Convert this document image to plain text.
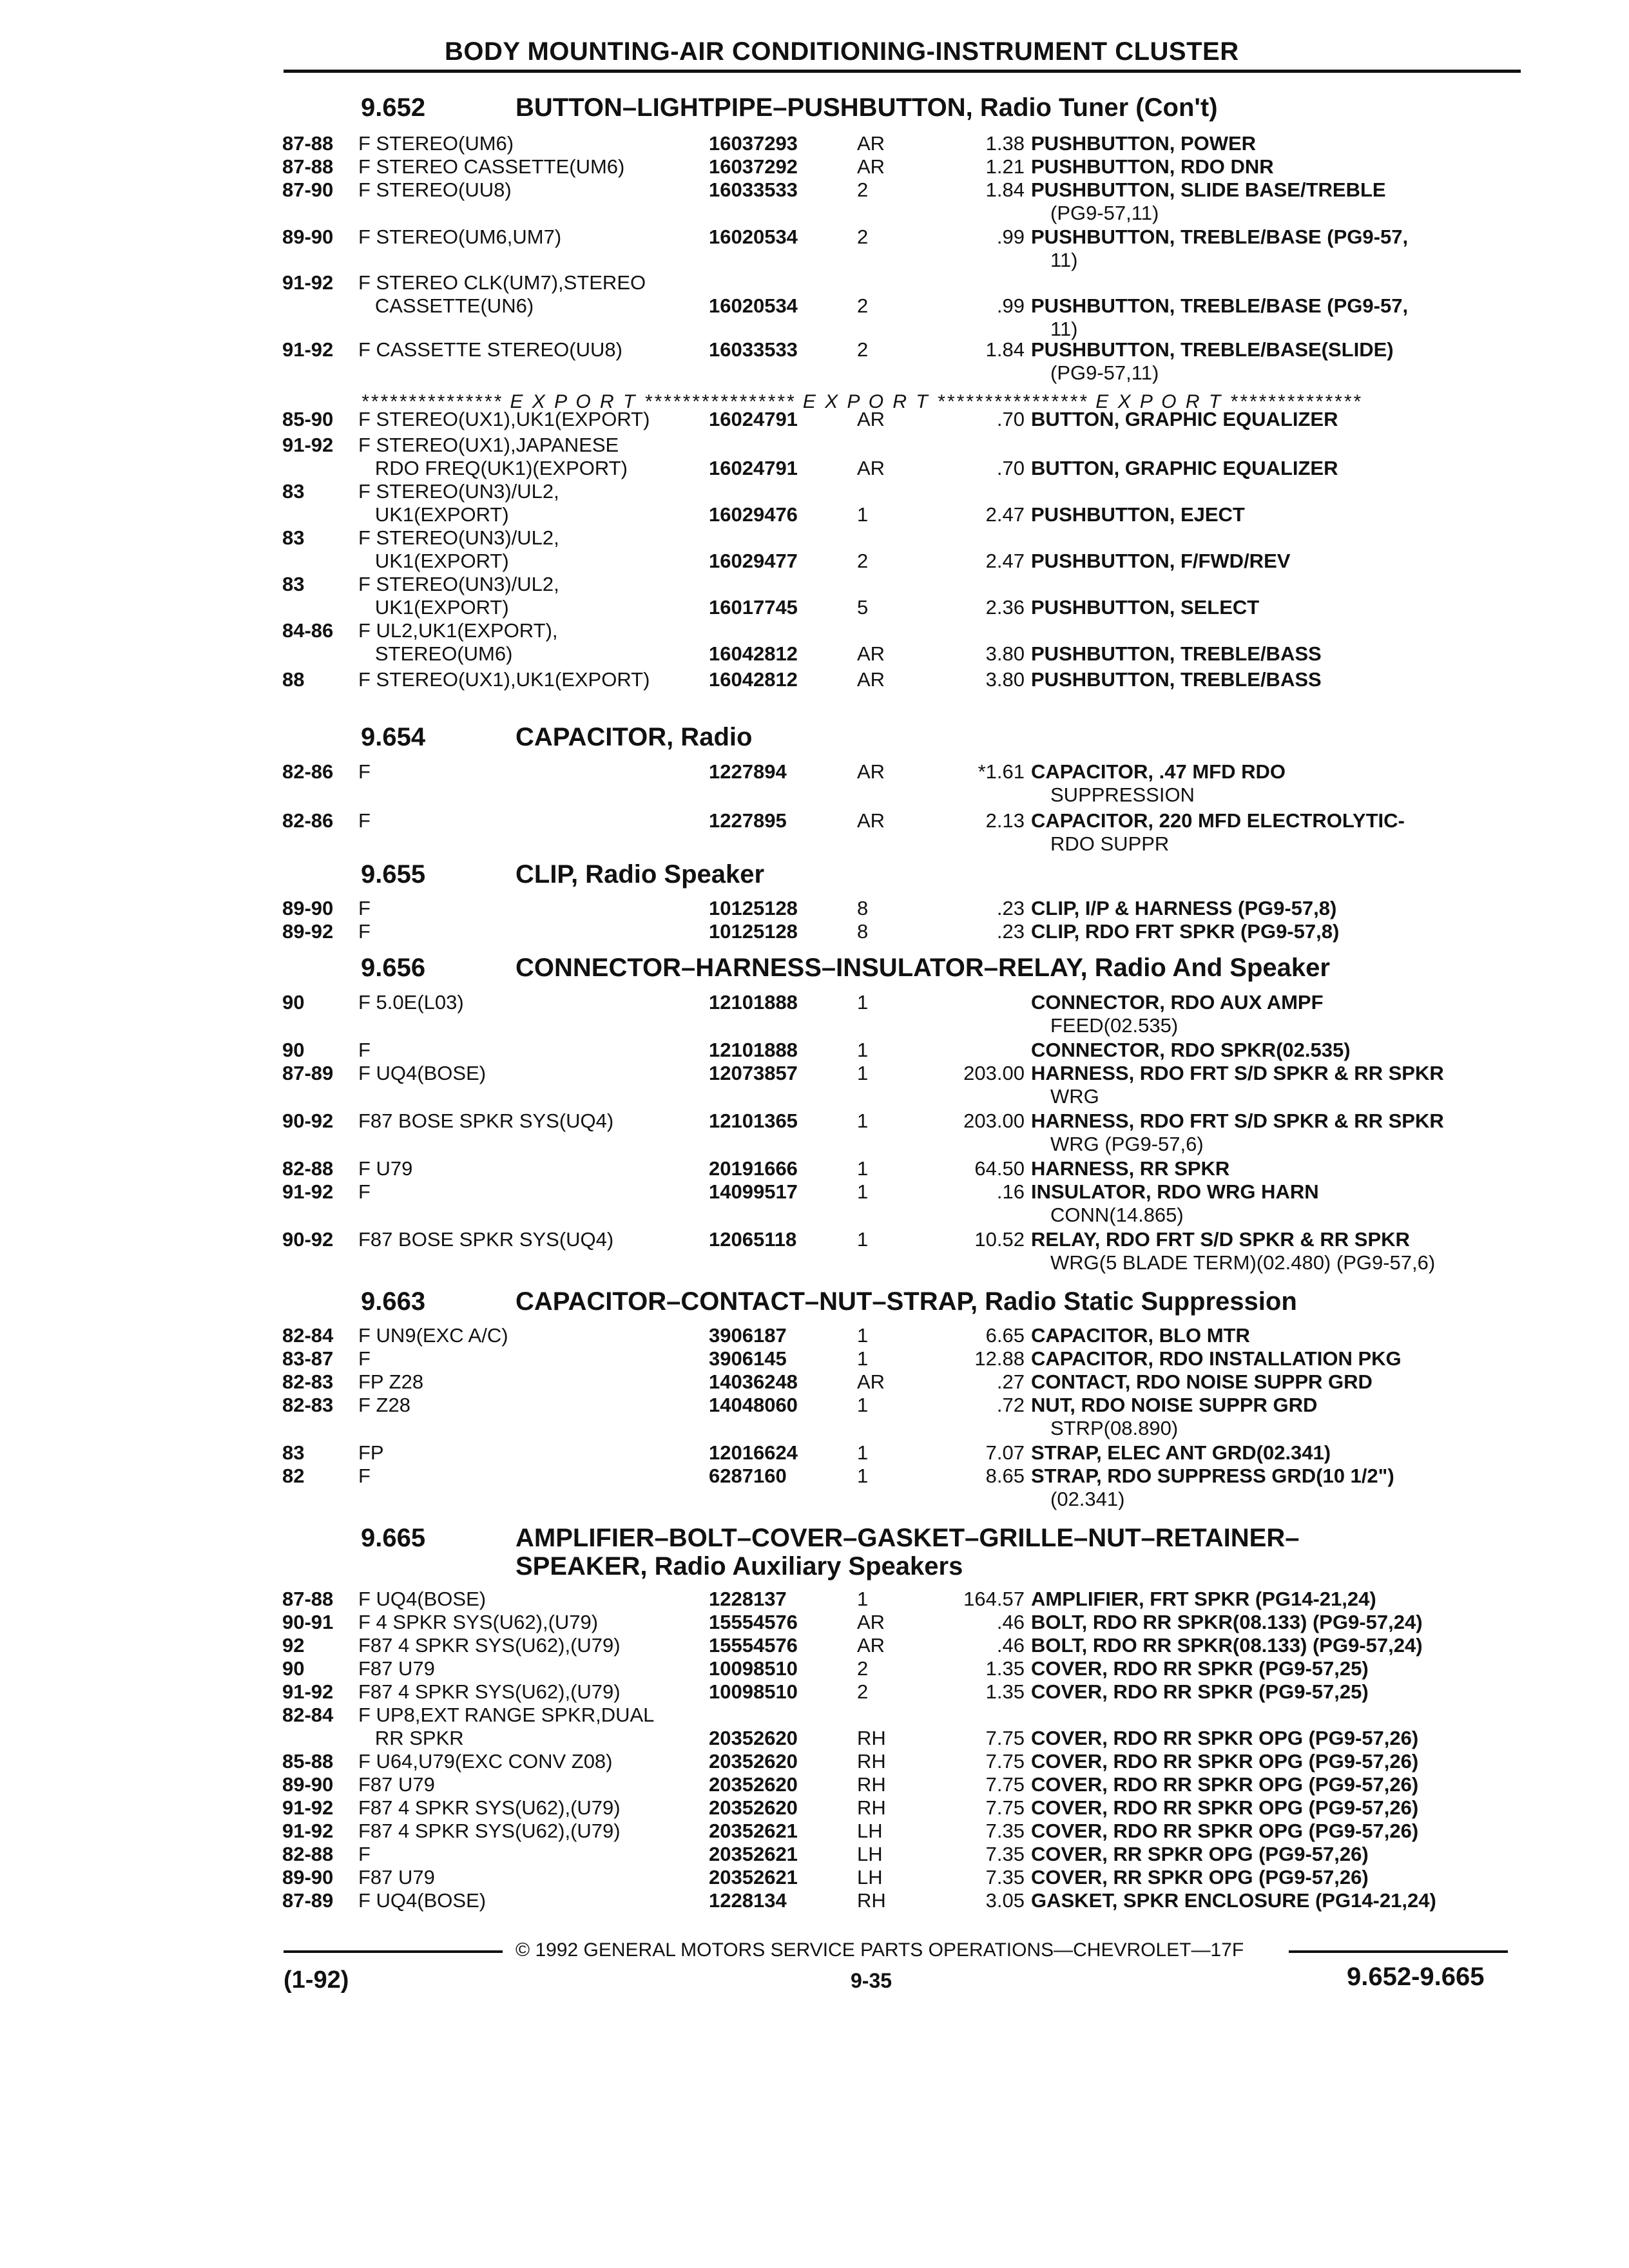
BODY MOUNTING-AIR CONDITIONING-INSTRUMENT CLUSTER
*************** E X P O R T **************** E X P O R T **************** E X P O R T **************
9.652	BUTTON–LIGHTPIPE–PUSHBUTTON, Radio Tuner (Con't)
87-88 F STEREO(UM6)	16037293	AR	1.38 PUSHBUTTON, POWER
87-88 F STEREO CASSETTE(UM6)	16037292	AR	1.21 PUSHBUTTON, RDO DNR
87-90 F STEREO(UU8)	16033533	2	1.84 PUSHBUTTON, SLIDE BASE/TREBLE
(PG9-57,11)
89-90 F STEREO(UM6,UM7)	16020534	2	.99 PUSHBUTTON, TREBLE/BASE (PG9-57,
11)
91-92 F STEREO CLK(UM7),STEREO
CASSETTE(UN6)	16020534	2	.99 PUSHBUTTON, TREBLE/BASE (PG9-57,
11)
91-92 F CASSETTE STEREO(UU8)	16033533	2	1.84 PUSHBUTTON, TREBLE/BASE(SLIDE)
(PG9-57,11)
85-90 F STEREO(UX1),UK1(EXPORT)	16024791	AR	.70 BUTTON, GRAPHIC EQUALIZER
91-92 F STEREO(UX1),JAPANESE
RDO FREQ(UK1)(EXPORT)	16024791	AR	.70 BUTTON, GRAPHIC EQUALIZER
83	F STEREO(UN3)/UL2,
UK1(EXPORT)	16029476	1	2.47 PUSHBUTTON, EJECT
83	F STEREO(UN3)/UL2,
UK1(EXPORT)	16029477	2	2.47 PUSHBUTTON, F/FWD/REV
83	F STEREO(UN3)/UL2,
UK1(EXPORT)	16017745	5	2.36 PUSHBUTTON, SELECT
84-86 F UL2,UK1(EXPORT),
STEREO(UM6)	16042812	AR	3.80 PUSHBUTTON, TREBLE/BASS
88	F STEREO(UX1),UK1(EXPORT)	16042812	AR	3.80 PUSHBUTTON, TREBLE/BASS
9.654	CAPACITOR, Radio
82-86 F	1227894	AR	*1.61 CAPACITOR, .47 MFD RDO
SUPPRESSION
82-86 F	1227895	AR	2.13 CAPACITOR, 220 MFD ELECTROLYTIC-
RDO SUPPR
9.655	CLIP, Radio Speaker
89-90 F	10125128	8	.23 CLIP, I/P & HARNESS (PG9-57,8)
89-92 F	10125128	8	.23 CLIP, RDO FRT SPKR (PG9-57,8)
9.656	CONNECTOR–HARNESS–INSULATOR–RELAY, Radio And Speaker
90	F 5.0E(L03)	12101888	1	CONNECTOR, RDO AUX AMPF
FEED(02.535)
90	F	12101888	1	CONNECTOR, RDO SPKR(02.535)
87-89 F UQ4(BOSE)	12073857	1	203.00 HARNESS, RDO FRT S/D SPKR & RR SPKR
WRG
90-92 F87 BOSE SPKR SYS(UQ4)	12101365	1	203.00 HARNESS, RDO FRT S/D SPKR & RR SPKR
WRG (PG9-57,6)
82-88 F U79	20191666	1	64.50 HARNESS, RR SPKR
91-92 F	14099517	1	.16 INSULATOR, RDO WRG HARN
CONN(14.865)
90-92 F87 BOSE SPKR SYS(UQ4)	12065118	1	10.52 RELAY, RDO FRT S/D SPKR & RR SPKR
WRG(5 BLADE TERM)(02.480) (PG9-57,6)
9.663	CAPACITOR–CONTACT–NUT–STRAP, Radio Static Suppression
82-84 F UN9(EXC A/C)	3906187	1	6.65 CAPACITOR, BLO MTR
83-87 F	3906145	1	12.88 CAPACITOR, RDO INSTALLATION PKG
82-83 FP Z28	14036248	AR	.27 CONTACT, RDO NOISE SUPPR GRD
82-83 F Z28	14048060	1	.72 NUT, RDO NOISE SUPPR GRD
STRP(08.890)
83	FP	12016624	1	7.07 STRAP, ELEC ANT GRD(02.341)
82	F	6287160	1	8.65 STRAP, RDO SUPPRESS GRD(10 1/2")
(02.341)
9.665	AMPLIFIER–BOLT–COVER–GASKET–GRILLE–NUT–RETAINER–
SPEAKER, Radio Auxiliary Speakers
87-88 F UQ4(BOSE)	1228137	1	164.57 AMPLIFIER, FRT SPKR (PG14-21,24)
90-91 F 4 SPKR SYS(U62),(U79)	15554576	AR	.46 BOLT, RDO RR SPKR(08.133) (PG9-57,24)
92	F87 4 SPKR SYS(U62),(U79)	15554576	AR	.46 BOLT, RDO RR SPKR(08.133) (PG9-57,24)
90	F87 U79	10098510	2	1.35 COVER, RDO RR SPKR (PG9-57,25)
91-92 F87 4 SPKR SYS(U62),(U79)	10098510	2	1.35 COVER, RDO RR SPKR (PG9-57,25)
82-84 F UP8,EXT RANGE SPKR,DUAL
RR SPKR	20352620	RH	7.75 COVER, RDO RR SPKR OPG (PG9-57,26)
85-88 F U64,U79(EXC CONV Z08)	20352620	RH	7.75 COVER, RDO RR SPKR OPG (PG9-57,26)
89-90 F87 U79	20352620	RH	7.75 COVER, RDO RR SPKR OPG (PG9-57,26)
91-92 F87 4 SPKR SYS(U62),(U79)	20352620	RH	7.75 COVER, RDO RR SPKR OPG (PG9-57,26)
91-92 F87 4 SPKR SYS(U62),(U79)	20352621	LH	7.35 COVER, RDO RR SPKR OPG (PG9-57,26)
82-88 F	20352621	LH	7.35 COVER, RR SPKR OPG (PG9-57,26)
89-90 F87 U79	20352621	LH	7.35 COVER, RR SPKR OPG (PG9-57,26)
87-89 F UQ4(BOSE)	1228134	RH	3.05 GASKET, SPKR ENCLOSURE (PG14-21,24)
© 1992 GENERAL MOTORS SERVICE PARTS OPERATIONS—CHEVROLET—17F
(1-92)	9-35	9.652-9.665
